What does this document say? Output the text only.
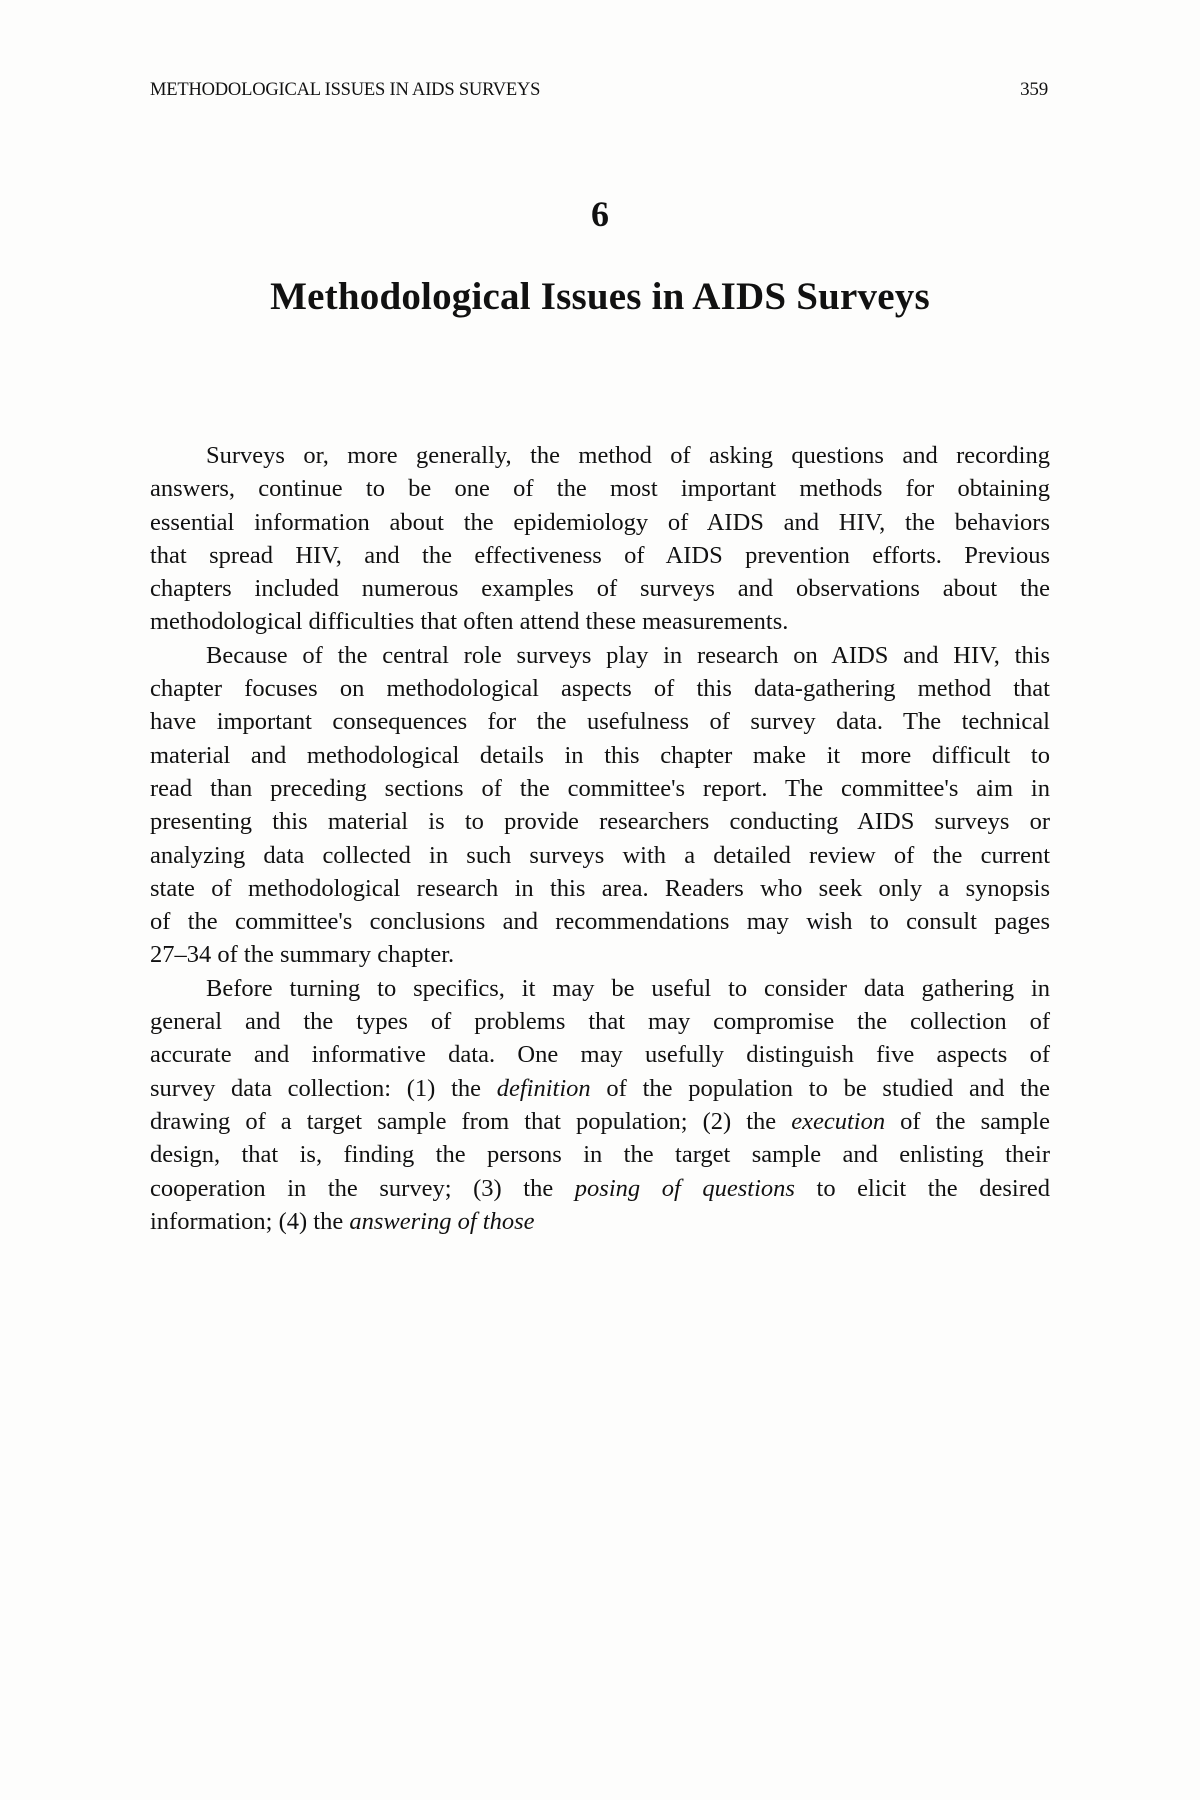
METHODOLOGICAL ISSUES IN AIDS SURVEYS	359
6
Methodological Issues in AIDS Surveys
Surveys or, more generally, the method of asking questions and recording
answers, continue to be one of the most important methods for obtaining
essential information about the epidemiology of AIDS and HIV, the behaviors
that spread HIV, and the effectiveness of AIDS prevention efforts. Previous
chapters included numerous examples of surveys and observations about the
methodological difficulties that often attend these measurements.
Because of the central role surveys play in research on AIDS and HIV, this
chapter focuses on methodological aspects of this data-gathering method that
have important consequences for the usefulness of survey data. The technical
material and methodological details in this chapter make it more difficult to
read than preceding sections of the committee's report. The committee's aim in
presenting this material is to provide researchers conducting AIDS surveys or
analyzing data collected in such surveys with a detailed review of the current
state of methodological research in this area. Readers who seek only a synopsis
of the committee's conclusions and recommendations may wish to consult pages
27–34 of the summary chapter.
Before turning to specifics, it may be useful to consider data gathering in
general and the types of problems that may compromise the collection of
accurate and informative data. One may usefully distinguish five aspects of
survey data collection: (1) the definition of the population to be studied and the
drawing of a target sample from that population; (2) the execution of the sample
design, that is, finding the persons in the target sample and enlisting their
cooperation in the survey; (3) the posing of questions to elicit the desired
information; (4) the answering of those
